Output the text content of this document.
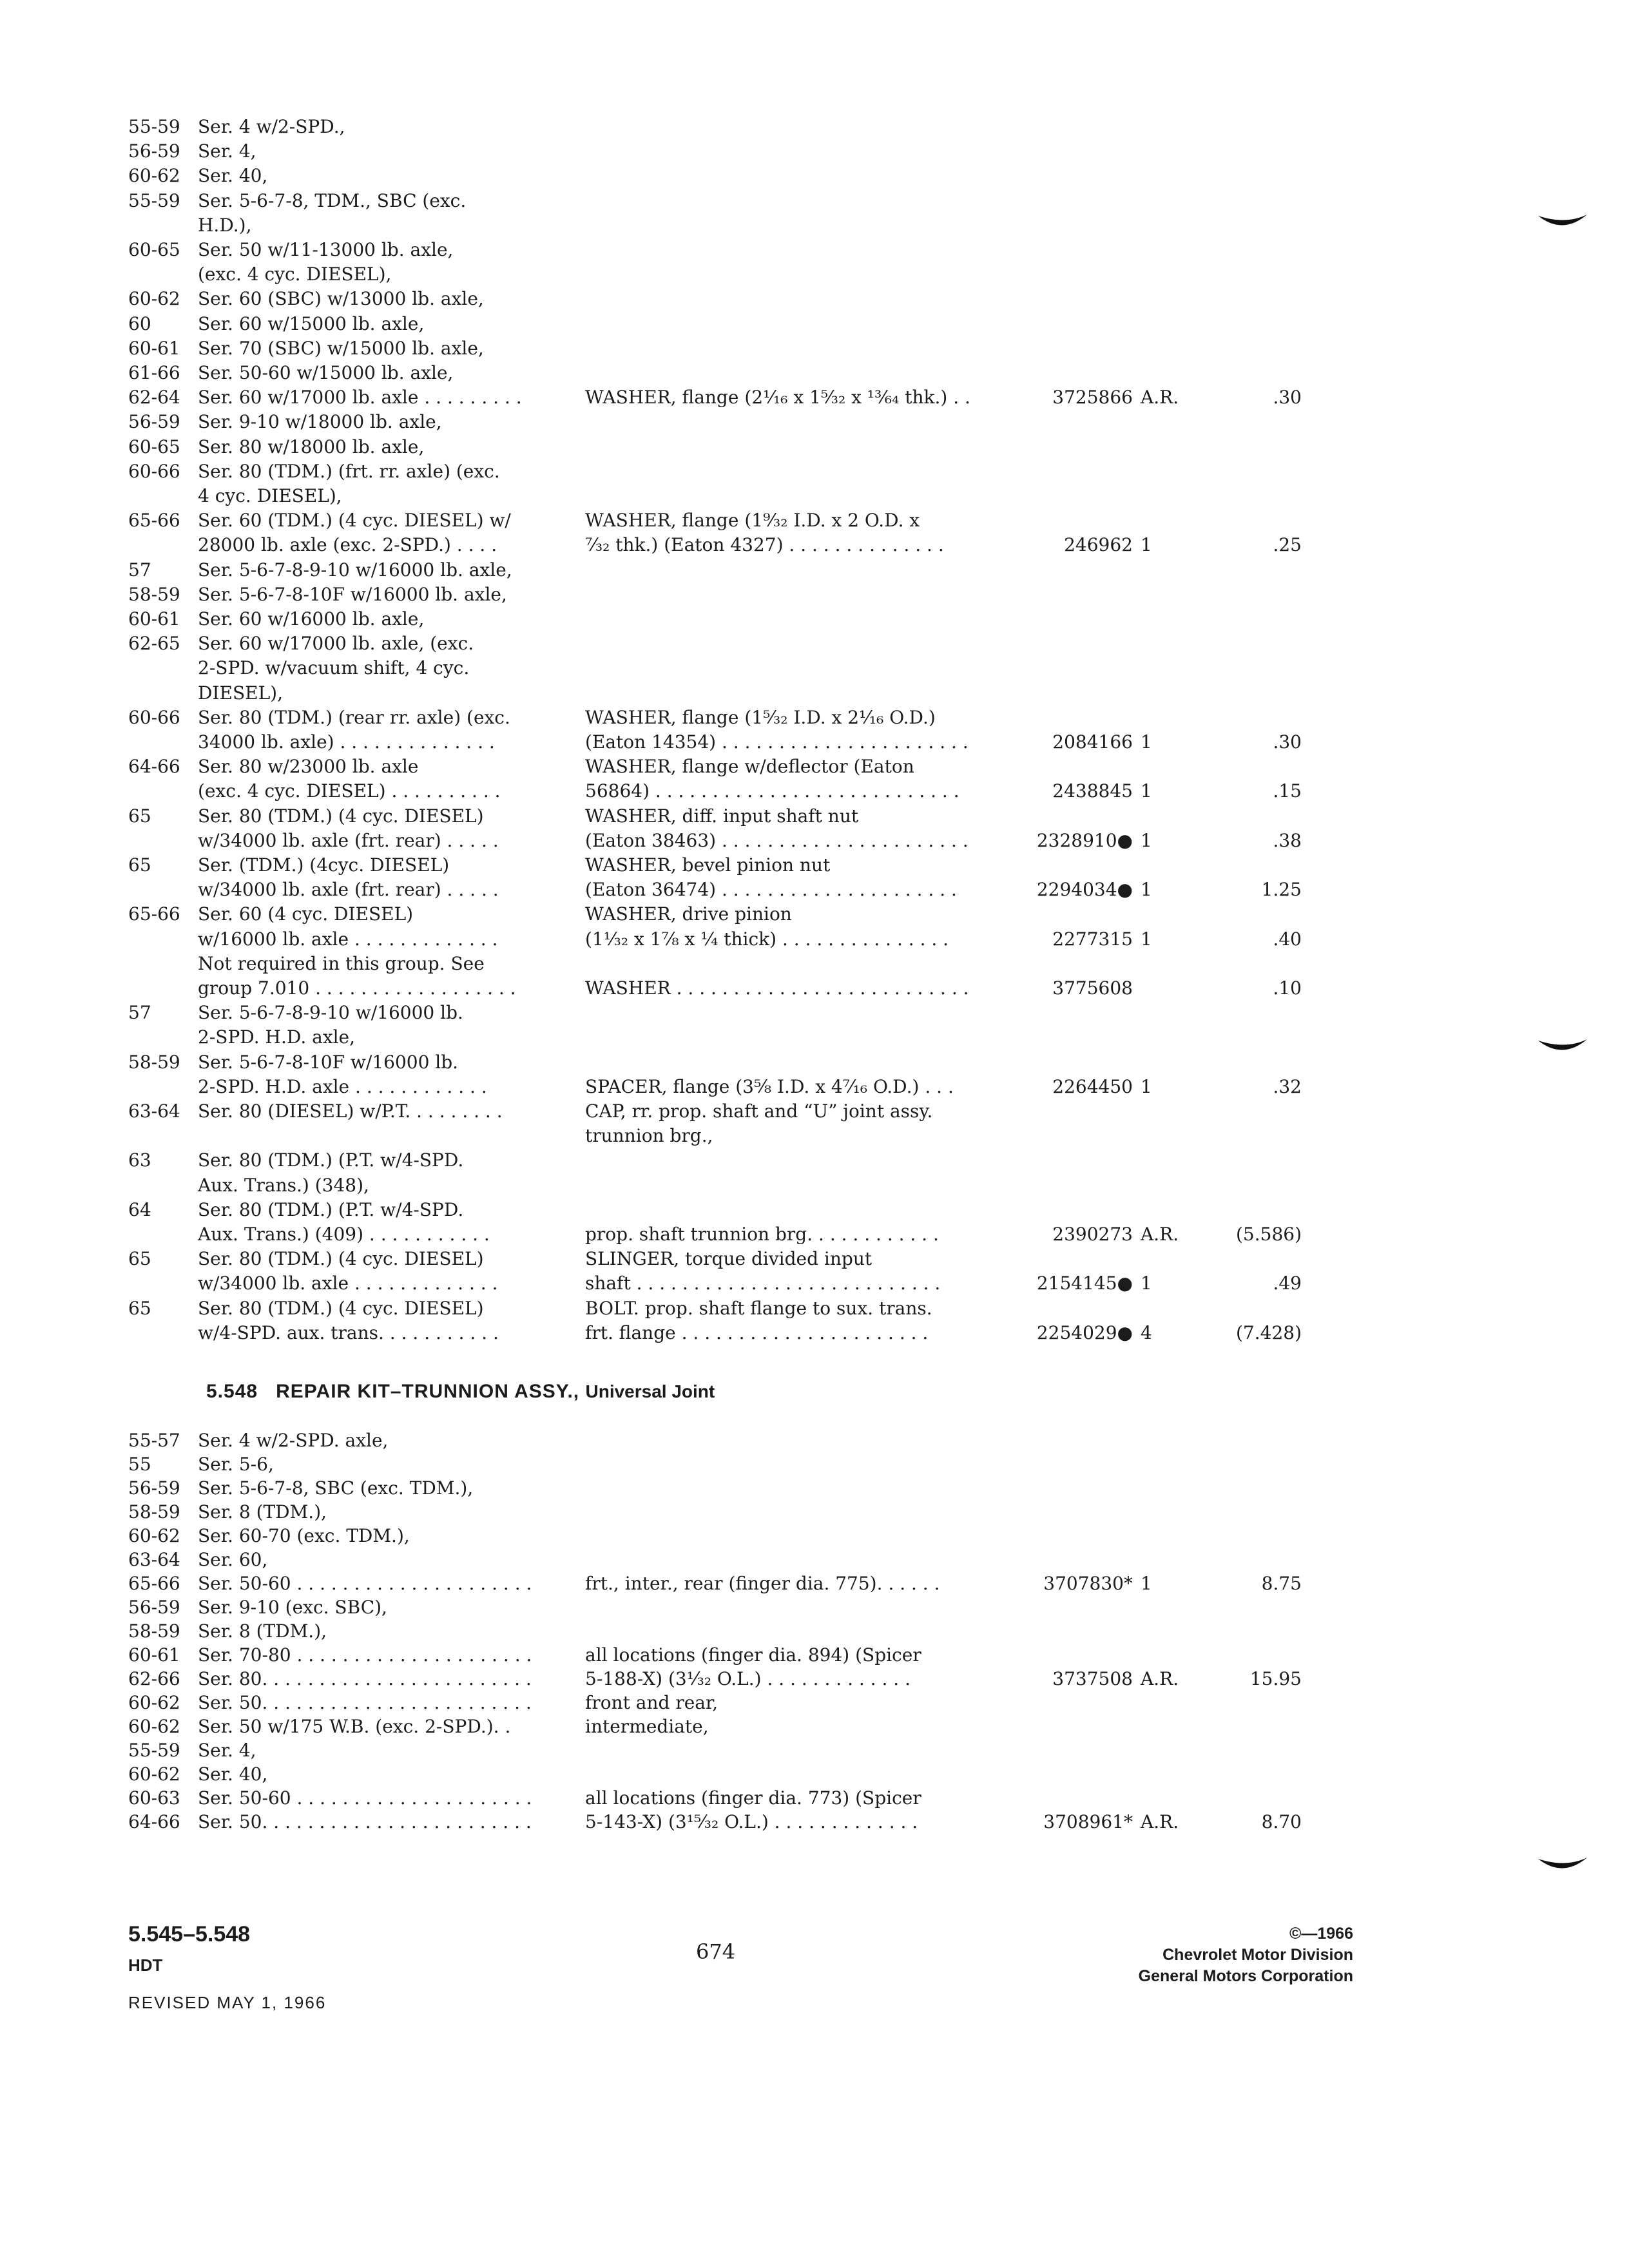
55-59 Ser. 4 w/2-SPD.,
56-59 Ser. 4,
60-62 Ser. 40,
55-59 Ser. 5-6-7-8, TDM., SBC (exc.
H.D.),
60-65 Ser. 50 w/11-13000 lb. axle,
(exc. 4 cyc. DIESEL),
60-62 Ser. 60 (SBC) w/13000 lb. axle,
60	Ser. 60 w/15000 lb. axle,
60-61 Ser. 70 (SBC) w/15000 lb. axle,
61-66 Ser. 50-60 w/15000 lb. axle,
62-64 Ser. 60 w/17000 lb. axle . . . . . . . . .	WASHER, flange (2¹⁄₁₆ x 1⁵⁄₃₂ x ¹³⁄₆₄ thk.) . .	3725866 A.R.	.30
56-59 Ser. 9-10 w/18000 lb. axle,
60-65 Ser. 80 w/18000 lb. axle,
60-66 Ser. 80 (TDM.) (frt. rr. axle) (exc.
4 cyc. DIESEL),
65-66 Ser. 60 (TDM.) (4 cyc. DIESEL) w/	WASHER, flange (1⁹⁄₃₂ I.D. x 2 O.D. x
28000 lb. axle (exc. 2-SPD.) . . . .	⁷⁄₃₂ thk.) (Eaton 4327) . . . . . . . . . . . . . .	246962 1	.25
57	Ser. 5-6-7-8-9-10 w/16000 lb. axle,
58-59 Ser. 5-6-7-8-10F w/16000 lb. axle,
60-61 Ser. 60 w/16000 lb. axle,
62-65 Ser. 60 w/17000 lb. axle, (exc.
2-SPD. w/vacuum shift, 4 cyc.
DIESEL),
60-66 Ser. 80 (TDM.) (rear rr. axle) (exc.	WASHER, flange (1⁵⁄₃₂ I.D. x 2¹⁄₁₆ O.D.)
34000 lb. axle) . . . . . . . . . . . . . .	(Eaton 14354) . . . . . . . . . . . . . . . . . . . . . .	2084166 1	.30
64-66 Ser. 80 w/23000 lb. axle	WASHER, flange w/deflector (Eaton
(exc. 4 cyc. DIESEL) . . . . . . . . . .	56864) . . . . . . . . . . . . . . . . . . . . . . . . . . .	2438845 1	.15
65	Ser. 80 (TDM.) (4 cyc. DIESEL)	WASHER, diff. input shaft nut
w/34000 lb. axle (frt. rear) . . . . .	(Eaton 38463) . . . . . . . . . . . . . . . . . . . . . .	2328910● 1	.38
65	Ser. (TDM.) (4cyc. DIESEL)	WASHER, bevel pinion nut
w/34000 lb. axle (frt. rear) . . . . .	(Eaton 36474) . . . . . . . . . . . . . . . . . . . . .	2294034● 1	1.25
65-66 Ser. 60 (4 cyc. DIESEL)	WASHER, drive pinion
w/16000 lb. axle . . . . . . . . . . . . .	(1¹⁄₃₂ x 1⁷⁄₈ x ¼ thick) . . . . . . . . . . . . . . .	2277315 1	.40
Not required in this group. See
group 7.010 . . . . . . . . . . . . . . . . . .	WASHER . . . . . . . . . . . . . . . . . . . . . . . . . .	3775608	.10
57	Ser. 5-6-7-8-9-10 w/16000 lb.
2-SPD. H.D. axle,
58-59 Ser. 5-6-7-8-10F w/16000 lb.
2-SPD. H.D. axle . . . . . . . . . . . .	SPACER, flange (3⁵⁄₈ I.D. x 4⁷⁄₁₆ O.D.) . . .	2264450 1	.32
63-64 Ser. 80 (DIESEL) w/P.T. . . . . . . . .	CAP, rr. prop. shaft and “U” joint assy.
trunnion brg.,
63	Ser. 80 (TDM.) (P.T. w/4-SPD.
Aux. Trans.) (348),
64	Ser. 80 (TDM.) (P.T. w/4-SPD.
Aux. Trans.) (409) . . . . . . . . . . .	prop. shaft trunnion brg. . . . . . . . . . . .	2390273 A.R.	(5.586)
65	Ser. 80 (TDM.) (4 cyc. DIESEL)	SLINGER, torque divided input
w/34000 lb. axle . . . . . . . . . . . . .	shaft . . . . . . . . . . . . . . . . . . . . . . . . . . .	2154145● 1	.49
65	Ser. 80 (TDM.) (4 cyc. DIESEL)	BOLT. prop. shaft flange to sux. trans.
w/4-SPD. aux. trans. . . . . . . . . . .	frt. flange . . . . . . . . . . . . . . . . . . . . . .	2254029● 4	(7.428)
5.548 REPAIR KIT–TRUNNION ASSY., Universal Joint
55-57 Ser. 4 w/2-SPD. axle,
55	Ser. 5-6,
56-59 Ser. 5-6-7-8, SBC (exc. TDM.),
58-59 Ser. 8 (TDM.),
60-62 Ser. 60-70 (exc. TDM.),
63-64 Ser. 60,
65-66 Ser. 50-60 . . . . . . . . . . . . . . . . . . . . .	frt., inter., rear (finger dia. 775). . . . . .	3707830* 1	8.75
56-59 Ser. 9-10 (exc. SBC),
58-59 Ser. 8 (TDM.),
60-61 Ser. 70-80 . . . . . . . . . . . . . . . . . . . . .	all locations (finger dia. 894) (Spicer
62-66 Ser. 80. . . . . . . . . . . . . . . . . . . . . . . .	5-188-X) (3¹⁄₃₂ O.L.) . . . . . . . . . . . . .	3737508 A.R.	15.95
60-62 Ser. 50. . . . . . . . . . . . . . . . . . . . . . . .	front and rear,
60-62 Ser. 50 w/175 W.B. (exc. 2-SPD.). .	intermediate,
55-59 Ser. 4,
60-62 Ser. 40,
60-63 Ser. 50-60 . . . . . . . . . . . . . . . . . . . . .	all locations (finger dia. 773) (Spicer
64-66 Ser. 50. . . . . . . . . . . . . . . . . . . . . . . .	5-143-X) (3¹⁵⁄₃₂ O.L.) . . . . . . . . . . . . .	3708961* A.R.	8.70
5.545–5.548
HDT
REVISED MAY 1, 1966
674
©—1966
Chevrolet Motor Division
General Motors Corporation
